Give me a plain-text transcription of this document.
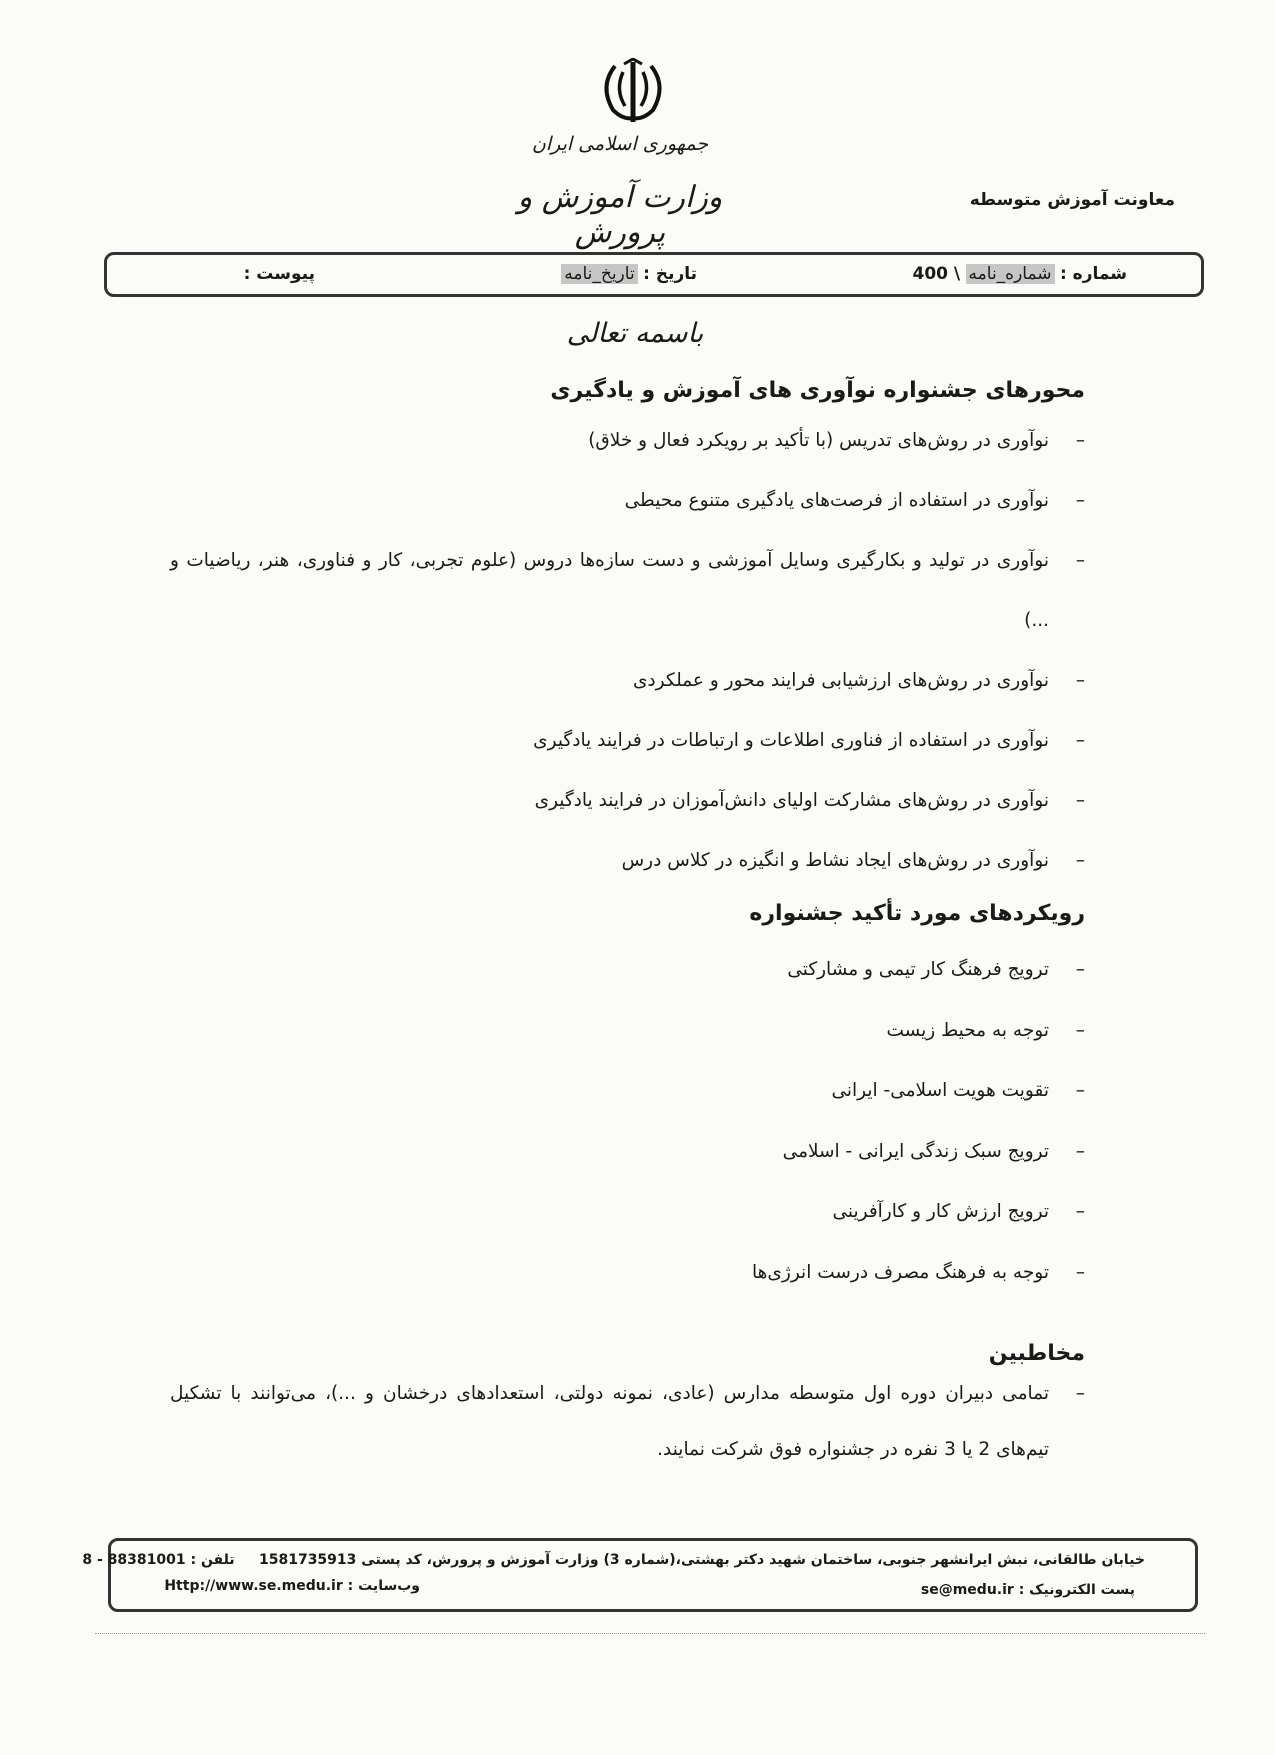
جمهوری اسلامی ایران
وزارت آموزش و پرورش
معاونت آموزش متوسطه
شماره : شماره_نامه \ 400
تاریخ : تاریخ_نامه
پیوست :
باسمه تعالی
محورهای جشنواره نوآوری های آموزش و یادگیری
–
نوآوری در روش‌های تدریس (با تأکید بر رویکرد فعال و خلاق)
–
نوآوری در استفاده از فرصت‌های یادگیری متنوع محیطی
–
نوآوری در تولید و بکارگیری وسایل آموزشی و دست سازه‌ها دروس (علوم تجربی، کار و فناوری، هنر، ریاضیات و ...)
–
نوآوری در روش‌های ارزشیابی فرایند محور و عملکردی
–
نوآوری در استفاده از فناوری اطلاعات و ارتباطات در فرایند یادگیری
–
نوآوری در روش‌های مشارکت اولیای دانش‌آموزان در فرایند یادگیری
–
نوآوری در روش‌های ایجاد نشاط و انگیزه در کلاس درس
رویکردهای مورد تأکید جشنواره
–
ترویج فرهنگ کار تیمی و مشارکتی
–
توجه به محیط زیست
–
تقویت هویت اسلامی- ایرانی
–
ترویج سبک زندگی ایرانی - اسلامی
–
ترویج ارزش کار و کارآفرینی
–
توجه به فرهنگ مصرف درست انرژی‌ها
مخاطبین
–
تمامی دبیران دوره اول متوسطه مدارس (عادی، نمونه دولتی، استعدادهای درخشان و ...)، می‌توانند با تشکیل تیم‌های 2 یا 3 نفره در جشنواره فوق شرکت نمایند.
خیابان طالقانی، نبش ایرانشهر جنوبی، ساختمان شهید دکتر بهشتی،(شماره 3) وزارت آموزش و پرورش، کد پستی 1581735913     تلفن : 88381001 - 8
پست الکترونیک : se@medu.ir
وب‌سایت : Http://www.se.medu.ir
